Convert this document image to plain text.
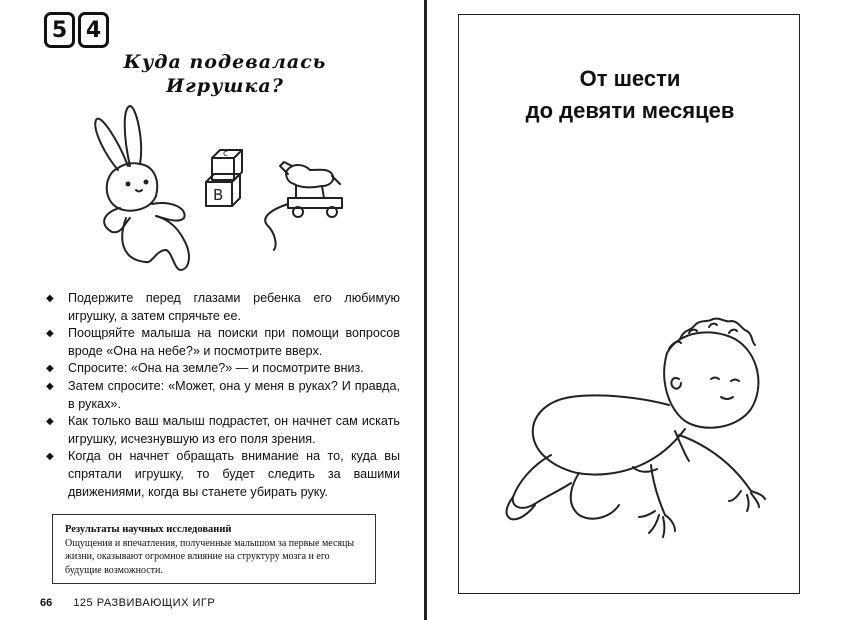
5 4
Куда подевалась
Игрушка?
c
B
◆ Подержите перед глазами ребенка его любимую игрушку, а затем спрячьте ее.
◆ Поощряйте малыша на поиски при помощи вопросов вроде «Она на небе?» и посмотрите вверх.
◆ Спросите: «Она на земле?» — и посмотрите вниз.
◆ Затем спросите: «Может, она у меня в руках? И правда, в руках».
◆ Как только ваш малыш подрастет, он начнет сам искать игрушку, исчезнувшую из его поля зрения.
◆ Когда он начнет обращать внимание на то, куда вы спрятали игрушку, то будет следить за вашими движениями, когда вы станете убирать руку.
Результаты научных исследований
Ощущения и впечатления, полученные малышом за первые месяцы жизни, оказывают огромное влияние на структуру мозга и его будущие возможности.
66 125 РАЗВИВАЮЩИХ ИГР
От шести
до девяти месяцев
